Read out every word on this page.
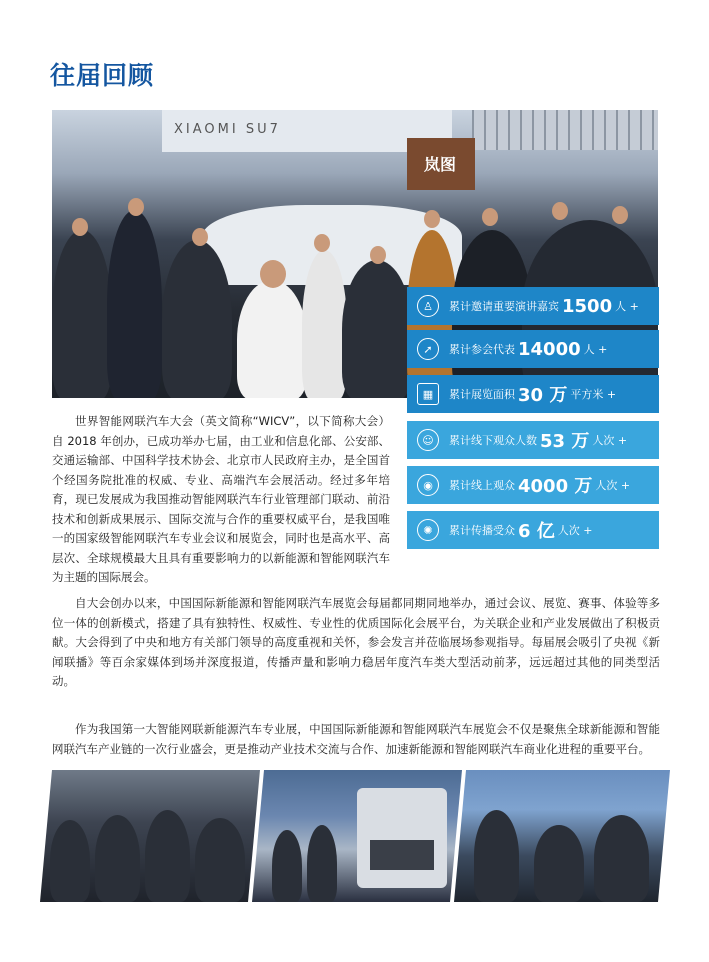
往届回顾
XIAOMI SU7
岚图
♙	累计邀请重要演讲嘉宾 1500 人 +
➚	累计参会代表 14000 人 +
▦	累计展览面积 30 万 平方米 +
☺	累计线下观众人数 53 万 人次 +
◉	累计线上观众 4000 万 人次 +
✺	累计传播受众 6 亿 人次 +

世界智能网联汽车大会（英文简称“WICV”，以下简称大会）自 2018 年创办，已成功举办七届，由工业和信息化部、公安部、交通运输部、中国科学技术协会、北京市人民政府主办，是全国首个经国务院批准的权威、专业、高端汽车会展活动。经过多年培育，现已发展成为我国推动智能网联汽车行业管理部门联动、前沿技术和创新成果展示、国际交流与合作的重要权威平台，是我国唯一的国家级智能网联汽车专业会议和展览会，同时也是高水平、高层次、全球规模最大且具有重要影响力的以新能源和智能网联汽车为主题的国际展会。

自大会创办以来，中国国际新能源和智能网联汽车展览会每届都同期同地举办，通过会议、展览、赛事、体验等多位一体的创新模式，搭建了具有独特性、权威性、专业性的优质国际化会展平台，为关联企业和产业发展做出了积极贡献。大会得到了中央和地方有关部门领导的高度重视和关怀，参会发言并莅临展场参观指导。每届展会吸引了央视《新闻联播》等百余家媒体到场并深度报道，传播声量和影响力稳居年度汽车类大型活动前茅，远远超过其他的同类型活动。

作为我国第一大智能网联新能源汽车专业展，中国国际新能源和智能网联汽车展览会不仅是聚焦全球新能源和智能网联汽车产业链的一次行业盛会，更是推动产业技术交流与合作、加速新能源和智能网联汽车商业化进程的重要平台。
